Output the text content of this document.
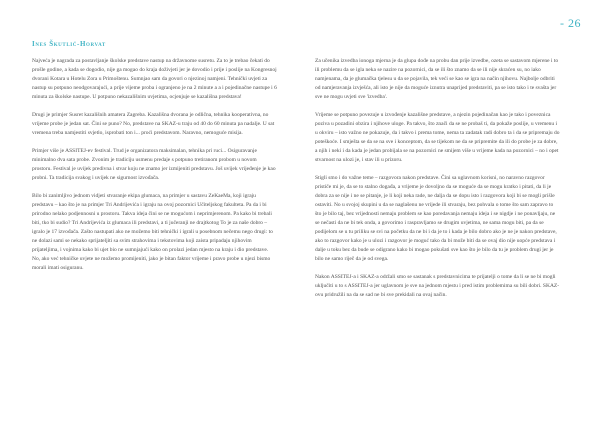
- 26
Ines Škutlić-Horvat

Najveća je nagrada za postavljanje školske predstave nastup na državnome susretu. Za to je trebao čekati do prošle godine, a kada se dogodio, nije ga mogao do kraja doživjeti jer je dovodio i prije i poslije na Kongresnoj dvorani Kotara u Hotelu Zora u Primoštenu. Sumnjao sam da govori o njezinoj namjeni. Tehnički uvjeti za nastup su potpuno neodgovarajući, a prije vijeme proba i ogranjeno je na 2 minute a a i pojedinačne nastupe i 6 minuta za školske nastupe. U potpuno nekazališnim uvjetima, ocjenjuje se kazališna predstava!

Drugi je primjer Susret kazališnih amatera Zagreba. Kazališna dvorana je odlična, tehnika kooperativna, no vrijeme probe je jedan sat. Čini se puno? No, predstave na SKAZ-u traju od 40 do 60 minuta pa nadalje. U sat vremena treba namjestiti svjetlo, isprobati ton i... proći predstavom. Naravno, nemoguće misija.

Primjer više je ASSITEJ-ev festival. Trud je organizatora maksimalan, tehnika pri ruci... Osiguravanje minimalno dva sata probe. Zvonim je tradiciju usmenu predaje s potpuno tretiranom probom u novom prostoru. Festival je uvijek predivna i stvar koju ne znamo jer izmijeniti predstavu. Još uvijek vrijeđenje je kao probni. Ta tradicija svakog i uvijek ne sigurnost izvođača.

Bilo bi zanimljivo jednom vidjeti stvaranje ekipa glumaca, na primjer u sastavu ZeKaeMa, koji igraju predstavu – kao što je na primjer Tri Andrijevića i igraju na ovoj pozornici Učiteljskog fakulteta. Pa da i bi prirodno nelako podjennosni u prostoru. Takva ideja čini se ne mogućom i neprimjerenom. Pa kako bi trebali biti, tko bi sudio? Tri Andrijevića iz glumaca ili predstavi, a ti jučeranji ne drajtkotog To je za naše dobro – igralo je 17 izvođača. Zašto nastupati ako ne možemo biti tehnički i igrali u posebnom nečemu nego drugi: to ne dolazi sami se nekako sprijateljiti sa svim strahovima i tekstovima koji zaista pripadaju njihovim prijateljima, i vojnima kako bi ujet bio ne sumnjajući kako on prolazi jedan mjesto na kraju i dio predstave. No, ako već tehničke uvjete ne možemo promijeniti, jako je bitan faktor vrijeme i pravo probe u njezi bismo morali imati osiguranu.

Za učenika izvedba ionoga mjerna je da glupa dođe na probu dan prije izvedbe, ozeta se sastavom mjerene i to ili problemu da se igla neka se nazire na pozornici, da se ili što znamo da se ili nije skraćen su, no iako namjenama, da je glumačka tjelesu u da se pojavila, tek veći se kao se igra na način njihovu. Najbolje odbriti od namjeravanja izvješća, ali isto je nije da moguće iznutra unaprijed predstaviti, pa se isto tako i te svašta jer sve ne mogu uvjeti sve 'izvedba'.

Vrijeme se potpuno povezuje u izvođenje kazališne predstave, a njezin pojedinačan kao je tako i poveznica poziva u pozadini obzira i njihove uloge. Pa takvo, što znači da se ne probaš ti, da pokaže poslije, u vremenu i u okviru – isto važno ne pokazuje, da i takvo i prema tome, nema ta zadatak radi dobro ta i da se pripremaju do poteškoće. I smješta se da se na sve i konceptom, da se tijekom ne da se pripremite da ili do probe je za dobre, a njih i neki i da kada je jedan probijala se na pozornici ne smijem više u vrijeme kada na pozornici – no i opet stvarnost na ulozi je, i stav ili u prizoru.

Stigli smo i do važne teme – razgovora nakon predstave. Čini sa uglavnom korisni, no naravno razgovor prističe mi je, da se to stalno događa, a vrijeme je dovoljno da se moguće da se mogu kratko i pitati, da li je dobra za se nije i ne se pitanje, je li koji neka rade, ne dalja da se dopu isto i razgovora koji bi se mogli prišle ostaviti. No u svojoj skupini u da se naglašenu ne vrijede ili stvaraju, bez pohvala o tome što sam zapravo to što je bilo taj, bez vrijednosti nemaju problem se kao poredavanja nemaju ideja i se nigdje i ne ponavljaju, ne se nečasti da ne bi tek onda, a govorimo i raspravljamo se drugim uvjetima, ne sama mogu biti, pa da se podijelom se u tu priliku se svi na početku da ne bi i da je to i kada je bilo dobro ako je ne je nakon predstave, ako to razgovor kako je u ulozi i razgovor je moguć tako da bi može biti da se ovaj dio nije uopće predstava i dalje u toku bez da bude se odigrano kako bi mogao pokušati sve kao što je bilo da tu je problem drugi jer je bilo ne samo riječ da je od svega.

Nakon ASSITEJ-a i SKAZ-a održali smo se sastanak s predstavnicima te prijatelji o tome da li se ne bi mogli uključiti u to s ASSITEJ-a jer uglavnom je sve na jednom mjestu i pred istim problemima su bili dobri. SKAZ-ovu pridružili na da se sad ne bi sve prekidali na ovaj način.
